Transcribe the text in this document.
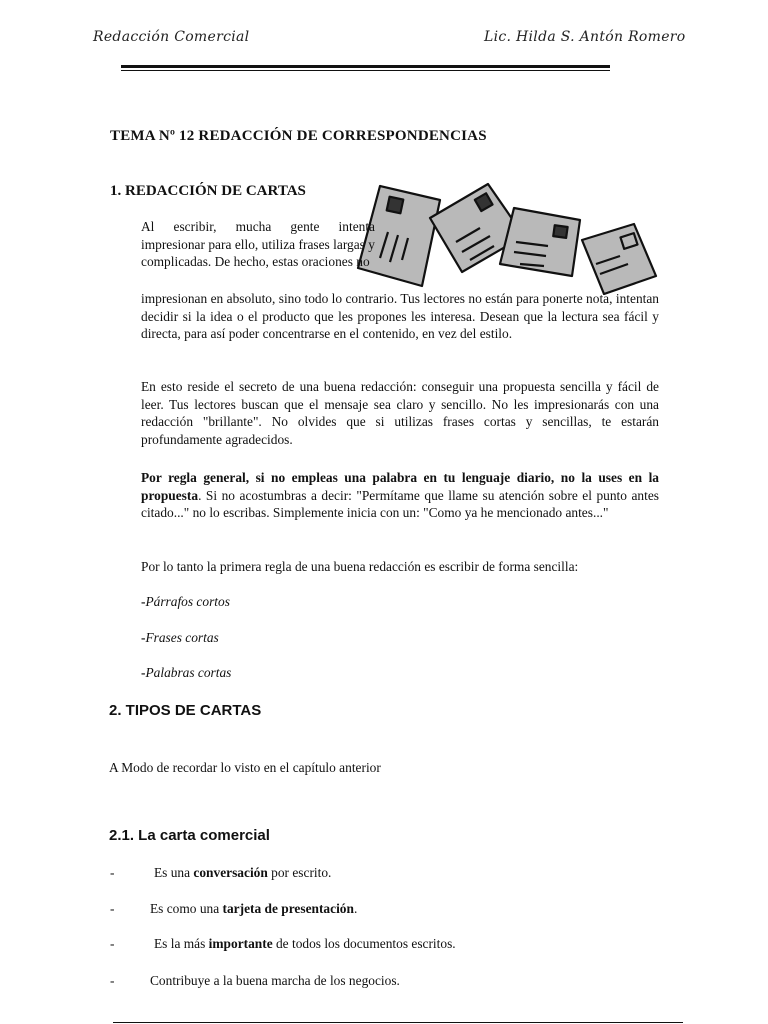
Redacción Comercial	Lic. Hilda S. Antón Romero
TEMA Nº 12 REDACCIÓN DE CORRESPONDENCIAS
1. REDACCIÓN DE CARTAS
Al escribir, mucha gente intenta impresionar para ello, utiliza frases largas y complicadas. De hecho, estas oraciones no
impresionan en absoluto, sino todo lo contrario. Tus lectores no están para ponerte nota, intentan decidir si la idea o el producto que les propones les interesa. Desean que la lectura sea fácil y directa, para así poder concentrarse en el contenido, en vez del estilo.
En esto reside el secreto de una buena redacción: conseguir una propuesta sencilla y fácil de leer. Tus lectores buscan que el mensaje sea claro y sencillo. No les impresionarás con una redacción "brillante". No olvides que si utilizas frases cortas y sencillas, te estarán profundamente agradecidos.
Por regla general, si no empleas una palabra en tu lenguaje diario, no la uses en la propuesta. Si no acostumbras a decir: "Permítame que llame su atención sobre el punto antes citado..." no lo escribas. Simplemente inicia con un: "Como ya he mencionado antes..."
Por lo tanto la primera regla de una buena redacción es escribir de forma sencilla:
-Párrafos cortos
-Frases cortas
-Palabras cortas
2. TIPOS DE CARTAS
A Modo de recordar lo visto en el capítulo anterior
2.1. La carta comercial
-	Es una conversación por escrito.
-	Es como una tarjeta de presentación.
-	Es la más importante de todos los documentos escritos.
-	Contribuye a la buena marcha de los negocios.
